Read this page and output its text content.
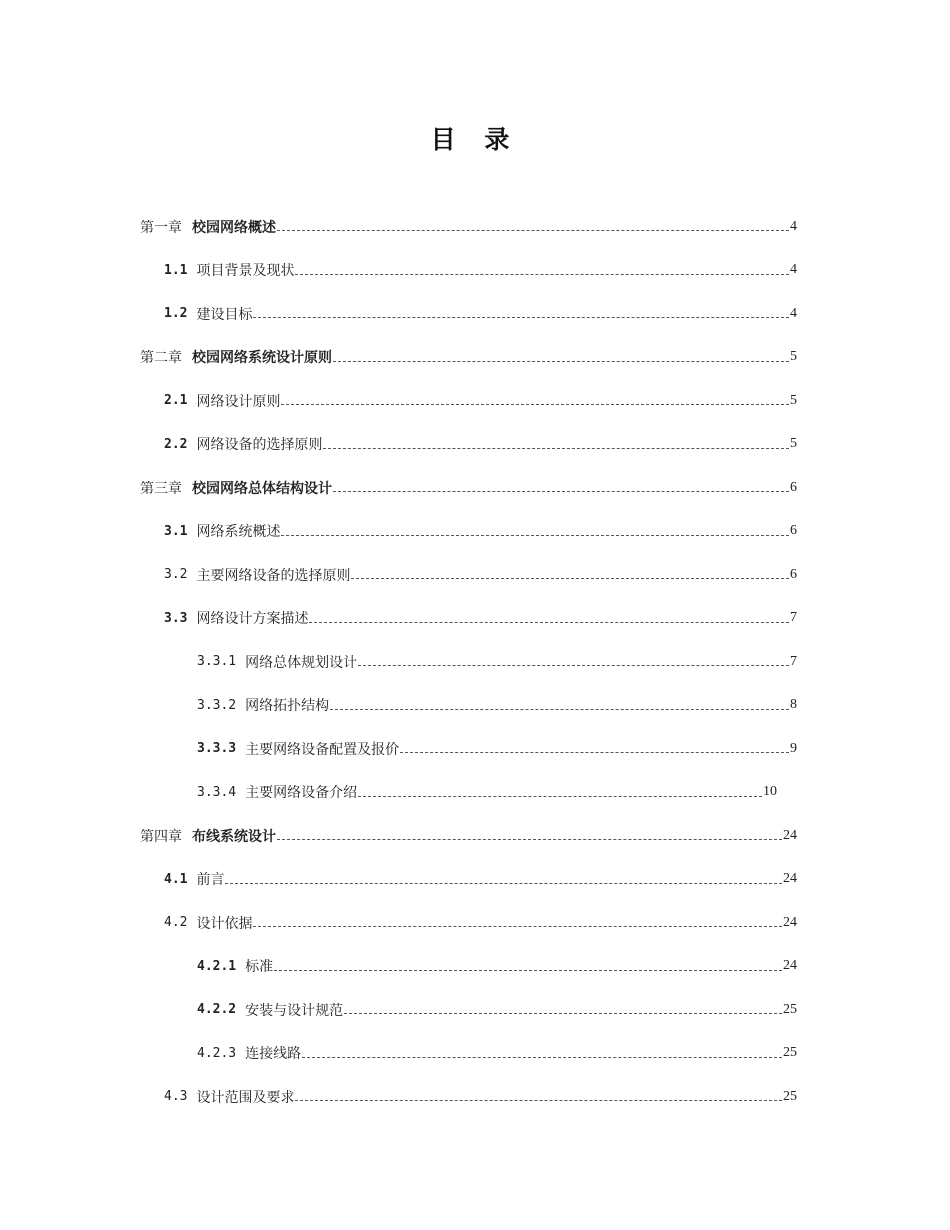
目 录
第一章 校园网络概述	4
1.1 项目背景及现状	4
1.2 建设目标	4
第二章 校园网络系统设计原则	5
2.1 网络设计原则	5
2.2 网络设备的选择原则	5
第三章 校园网络总体结构设计	6
3.1 网络系统概述	6
3.2 主要网络设备的选择原则	6
3.3 网络设计方案描述	7
3.3.1 网络总体规划设计	7
3.3.2 网络拓扑结构	8
3.3.3 主要网络设备配置及报价	9
3.3.4 主要网络设备介绍	10
第四章 布线系统设计	24
4.1 前言	24
4.2 设计依据	24
4.2.1 标准	24
4.2.2 安装与设计规范	25
4.2.3 连接线路	25
4.3 设计范围及要求	25
